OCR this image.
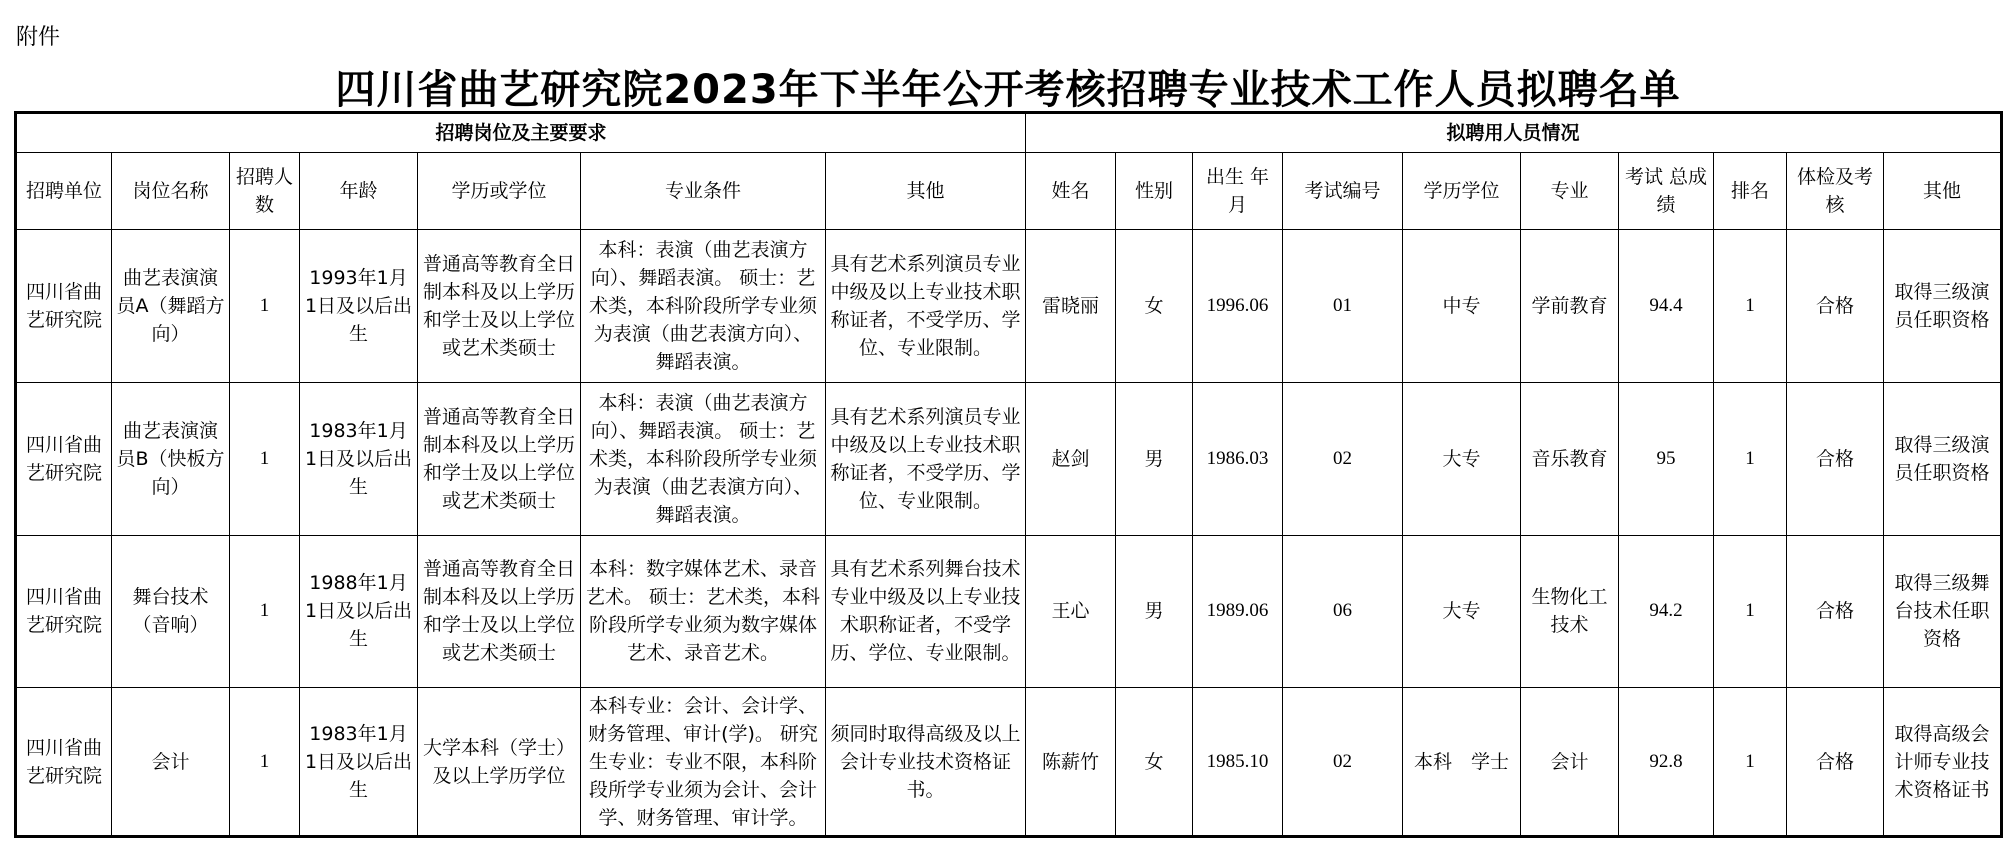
附件
四川省曲艺研究院2023年下半年公开考核招聘专业技术工作人员拟聘名单
招聘岗位及主要要求							拟聘用人员情况									
招聘单位	岗位名称	招聘人数	年龄	学历或学位	专业条件	其他	姓名	性别	出生 年月	考试编号	学历学位	专业	考试 总成绩	排名	体检及考核	其他
四川省曲艺研究院	曲艺表演演员A（舞蹈方向）	1	1993年1月1日及以后出生	普通高等教育全日制本科及以上学历和学士及以上学位或艺术类硕士	本科：表演（曲艺表演方向）、舞蹈表演。 硕士：艺术类，本科阶段所学专业须为表演（曲艺表演方向）、舞蹈表演。	具有艺术系列演员专业中级及以上专业技术职称证者，不受学历、学位、专业限制。	雷晓丽	女	1996.06	01	中专	学前教育	94.4	1	合格	取得三级演员任职资格
四川省曲艺研究院	曲艺表演演员B（快板方向）	1	1983年1月1日及以后出生	普通高等教育全日制本科及以上学历和学士及以上学位或艺术类硕士	本科：表演（曲艺表演方向）、舞蹈表演。 硕士：艺术类，本科阶段所学专业须为表演（曲艺表演方向）、舞蹈表演。	具有艺术系列演员专业中级及以上专业技术职称证者，不受学历、学位、专业限制。	赵剑	男	1986.03	02	大专	音乐教育	95	1	合格	取得三级演员任职资格
四川省曲艺研究院	舞台技术（音响）	1	1988年1月1日及以后出生	普通高等教育全日制本科及以上学历和学士及以上学位或艺术类硕士	本科：数字媒体艺术、录音艺术。 硕士：艺术类，本科阶段所学专业须为数字媒体艺术、录音艺术。	具有艺术系列舞台技术专业中级及以上专业技术职称证者，不受学历、学位、专业限制。	王心	男	1989.06	06	大专	生物化工技术	94.2	1	合格	取得三级舞台技术任职资格
四川省曲艺研究院	会计	1	1983年1月1日及以后出生	大学本科（学士）及以上学历学位	本科专业：会计、会计学、财务管理、审计(学)。 研究生专业：专业不限，本科阶段所学专业须为会计、会计学、财务管理、审计学。	须同时取得高级及以上会计专业技术资格证书。	陈薪竹	女	1985.10	02	本科　学士	会计	92.8	1	合格	取得高级会计师专业技术资格证书
